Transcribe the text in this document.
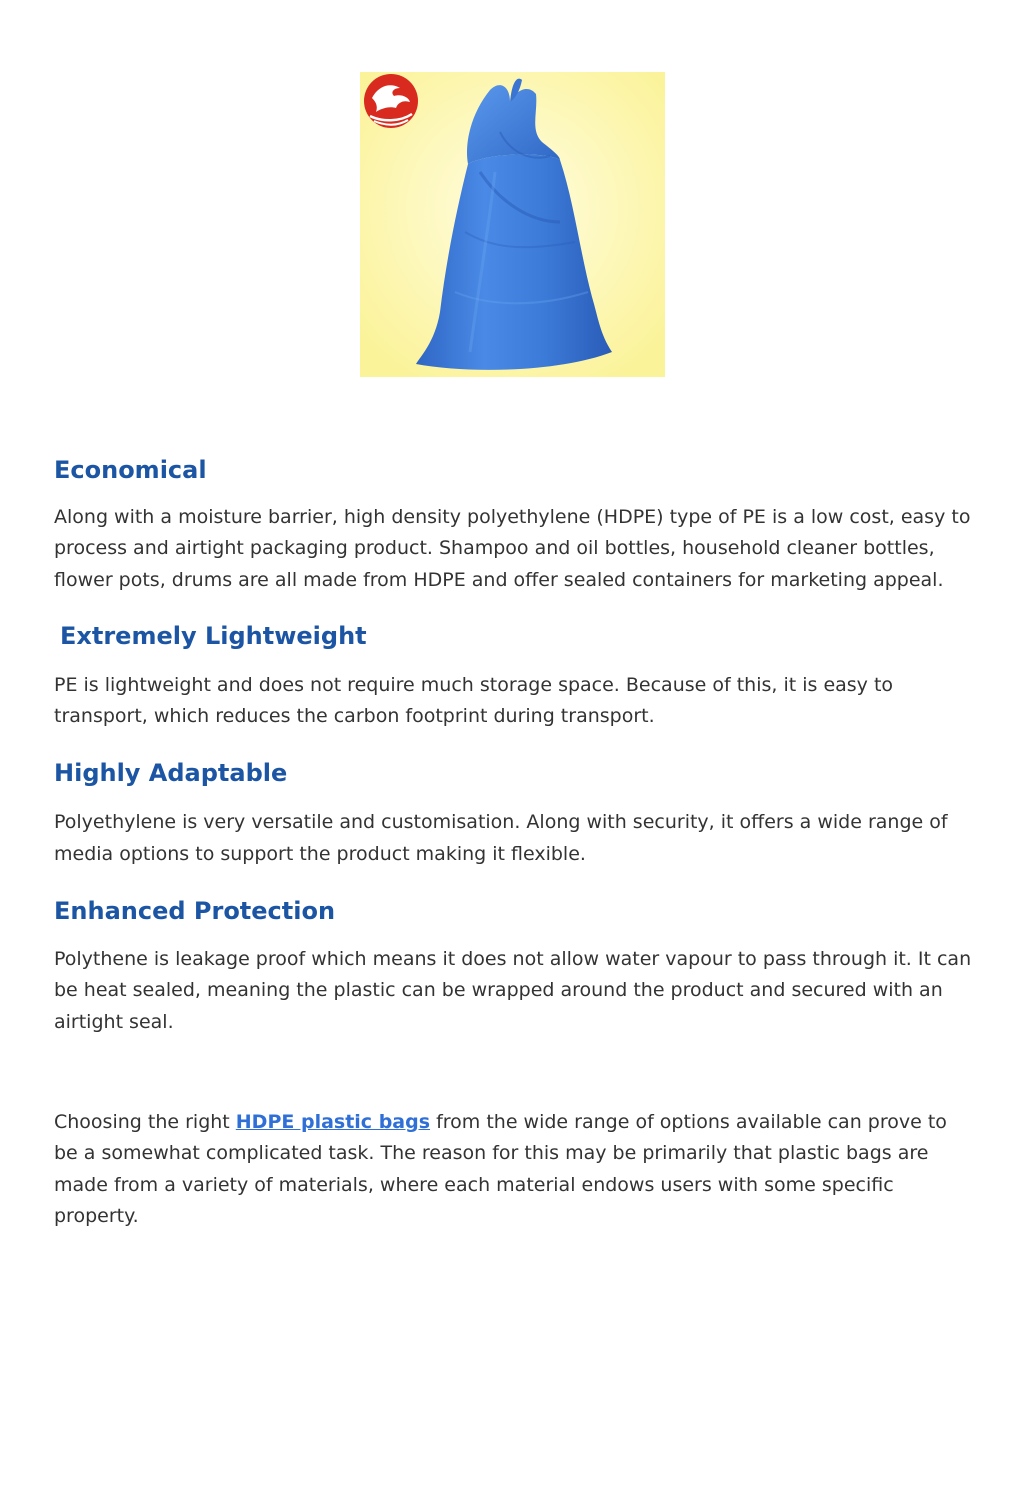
Economical

Along with a moisture barrier, high density polyethylene (HDPE) type of PE is a low cost, easy to process and airtight packaging product. Shampoo and oil bottles, household cleaner bottles, flower pots, drums are all made from HDPE and offer sealed containers for marketing appeal.

Extremely Lightweight

PE is lightweight and does not require much storage space. Because of this, it is easy to transport, which reduces the carbon footprint during transport.

Highly Adaptable

Polyethylene is very versatile and customisation. Along with security, it offers a wide range of media options to support the product making it flexible.

Enhanced Protection

Polythene is leakage proof which means it does not allow water vapour to pass through it. It can be heat sealed, meaning the plastic can be wrapped around the product and secured with an airtight seal.

Choosing the right HDPE plastic bags from the wide range of options available can prove to be a somewhat complicated task. The reason for this may be primarily that plastic bags are made from a variety of materials, where each material endows users with some specific property.
